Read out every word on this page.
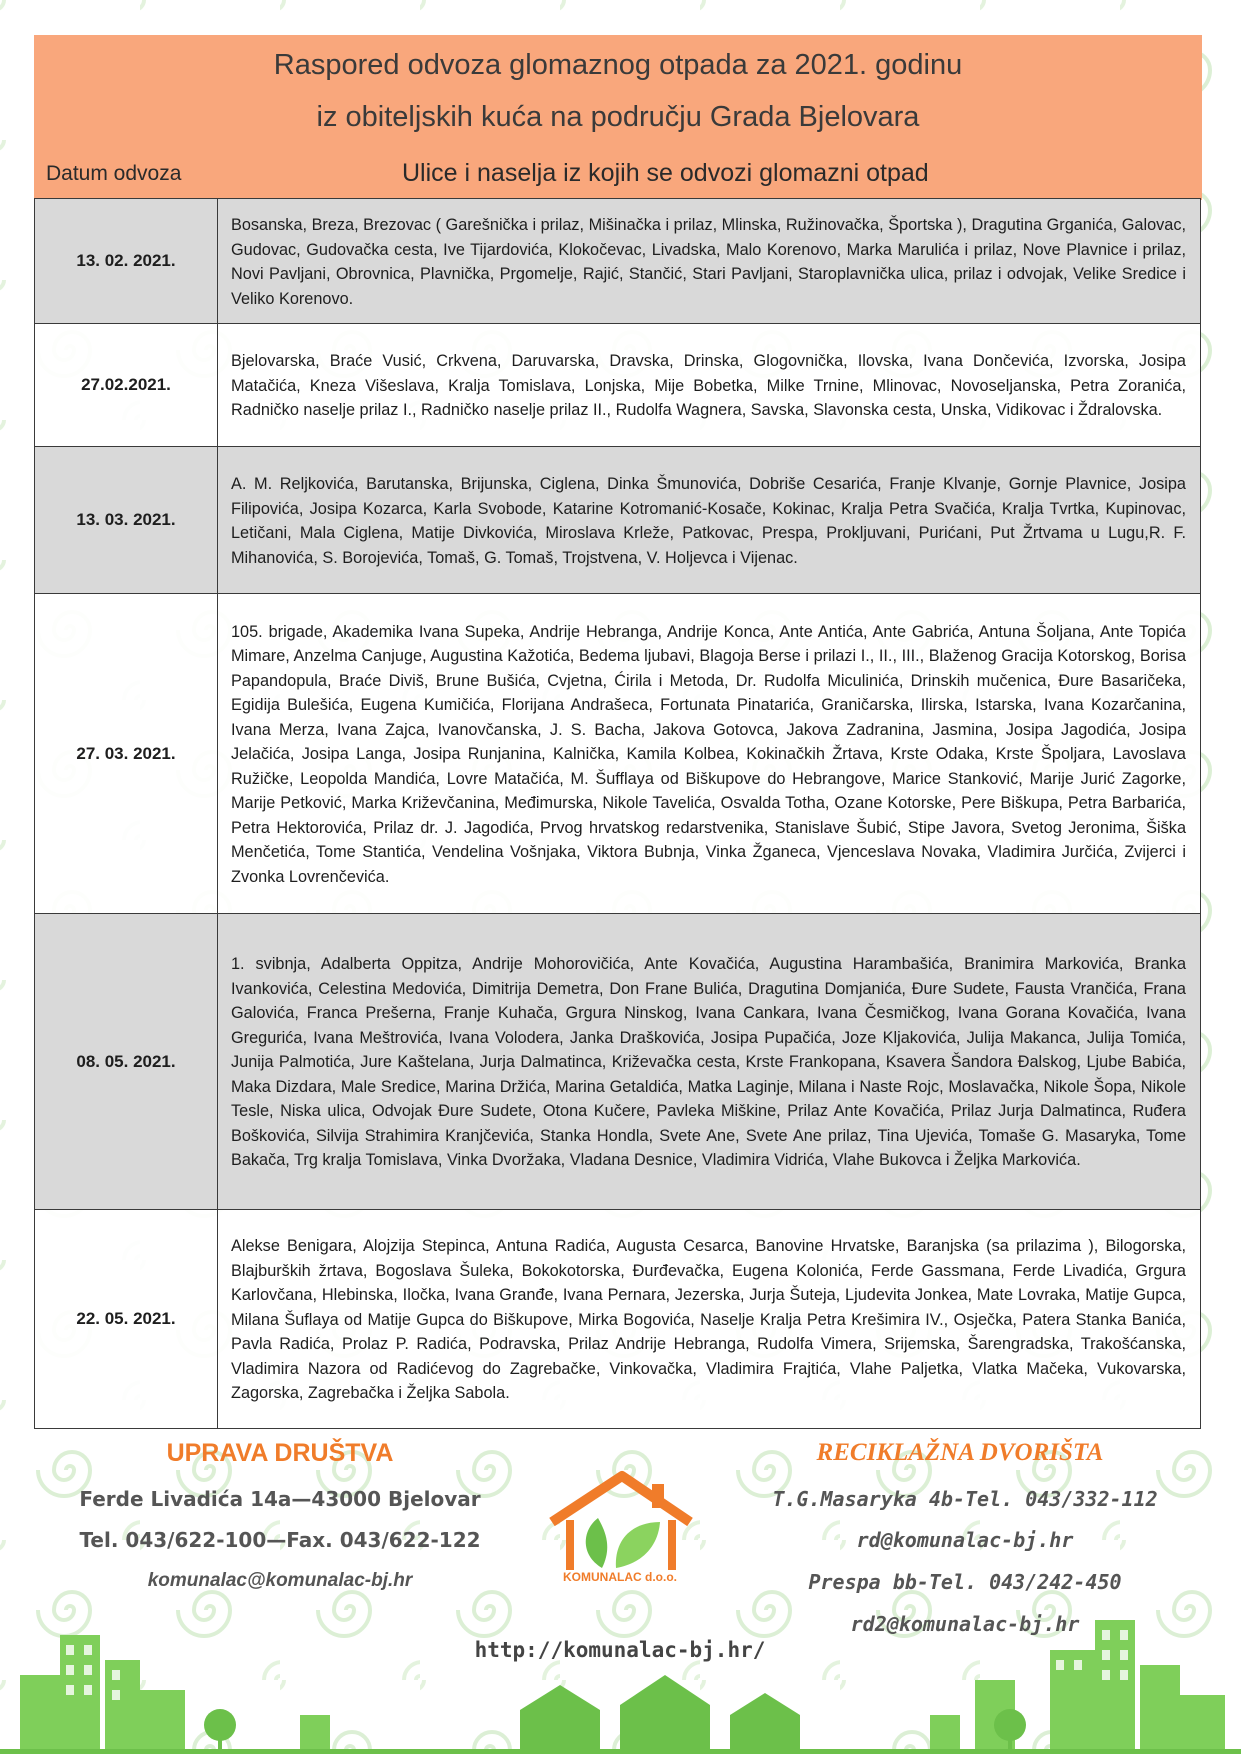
Raspored odvoza glomaznog otpada za 2021. godinu
iz obiteljskih kuća na području Grada Bjelovara
Datum odvoza	Ulice i naselja iz kojih se odvozi glomazni otpad
13. 02. 2021.	Bosanska, Breza, Brezovac ( Garešnička i prilaz, Mišinačka i prilaz, Mlinska, Ružinovačka, Športska ), Dragutina Grganića, Galovac, Gudovac, Gudovačka cesta, Ive Tijardovića, Klokočevac, Livadska, Malo Korenovo, Marka Marulića i prilaz, Nove Plavnice i prilaz, Novi Pavljani, Obrovnica, Plavnička, Prgomelje, Rajić, Stančić, Stari Pavljani, Staroplavnička ulica, prilaz i odvojak, Velike Sredice i Veliko Korenovo.
27.02.2021.	Bjelovarska, Braće Vusić, Crkvena, Daruvarska, Dravska, Drinska, Glogovnička, Ilovska, Ivana Dončevića, Izvorska, Josipa Matačića, Kneza Višeslava, Kralja Tomislava, Lonjska, Mije Bobetka, Milke Trnine, Mlinovac, Novoseljanska, Petra Zoranića, Radničko naselje prilaz I., Radničko naselje prilaz II., Rudolfa Wagnera, Savska, Slavonska cesta, Unska, Vidikovac i Ždralovska.
13. 03. 2021.	A. M. Reljkovića, Barutanska, Brijunska, Ciglena, Dinka Šmunovića, Dobriše Cesarića, Franje Klvanje, Gornje Plavnice, Josipa Filipovića, Josipa Kozarca, Karla Svobode, Katarine Kotromanić-Kosače, Kokinac, Kralja Petra Svačića, Kralja Tvrtka, Kupinovac, Letičani, Mala Ciglena, Matije Divkovića, Miroslava Krleže, Patkovac, Prespa, Prokljuvani, Purićani, Put Žrtvama u Lugu,R. F. Mihanovića, S. Borojevića, Tomaš, G. Tomaš, Trojstvena, V. Holjevca i Vijenac.
27. 03. 2021.	105. brigade, Akademika Ivana Supeka, Andrije Hebranga, Andrije Konca, Ante Antića, Ante Gabrića, Antuna Šoljana, Ante Topića Mimare, Anzelma Canjuge, Augustina Kažotića, Bedema ljubavi, Blagoja Berse i prilazi I., II., III., Blaženog Gracija Kotorskog, Borisa Papandopula, Braće Diviš, Brune Bušića, Cvjetna, Ćirila i Metoda, Dr. Rudolfa Miculinića, Drinskih mučenica, Đure Basaričeka, Egidija Bulešića, Eugena Kumičića, Florijana Andrašeca, Fortunata Pinatarića, Graničarska, Ilirska, Istarska, Ivana Kozarčanina, Ivana Merza, Ivana Zajca, Ivanovčanska, J. S. Bacha, Jakova Gotovca, Jakova Zadranina, Jasmina, Josipa Jagodića, Josipa Jelačića, Josipa Langa, Josipa Runjanina, Kalnička, Kamila Kolbea, Kokinačkih Žrtava, Krste Odaka, Krste Špoljara, Lavoslava Ružičke, Leopolda Mandića, Lovre Matačića, M. Šufflaya od Biškupove do Hebrangove, Marice Stanković, Marije Jurić Zagorke, Marije Petković, Marka Križevčanina, Međimurska, Nikole Tavelića, Osvalda Totha, Ozane Kotorske, Pere Biškupa, Petra Barbarića, Petra Hektorovića, Prilaz dr. J. Jagodića, Prvog hrvatskog redarstvenika, Stanislave Šubić, Stipe Javora, Svetog Jeronima, Šiška Menčetića, Tome Stantića, Vendelina Vošnjaka, Viktora Bubnja, Vinka Žganeca, Vjenceslava Novaka, Vladimira Jurčića, Zvijerci i Zvonka Lovrenčevića.
08. 05. 2021.	1. svibnja, Adalberta Oppitza, Andrije Mohorovičića, Ante Kovačića, Augustina Harambašića, Branimira Markovića, Branka Ivankovića, Celestina Medovića, Dimitrija Demetra, Don Frane Bulića, Dragutina Domjanića, Đure Sudete, Fausta Vrančića, Frana Galovića, Franca Prešerna, Franje Kuhača, Grgura Ninskog, Ivana Cankara, Ivana Česmičkog, Ivana Gorana Kovačića, Ivana Gregurića, Ivana Meštrovića, Ivana Volodera, Janka Draškovića, Josipa Pupačića, Joze Kljakovića, Julija Makanca, Julija Tomića, Junija Palmotića, Jure Kaštelana, Jurja Dalmatinca, Križevačka cesta, Krste Frankopana, Ksavera Šandora Đalskog, Ljube Babića, Maka Dizdara, Male Sredice, Marina Držića, Marina Getaldića, Matka Laginje, Milana i Naste Rojc, Moslavačka, Nikole Šopa, Nikole Tesle, Niska ulica, Odvojak Đure Sudete, Otona Kučere, Pavleka Miškine, Prilaz Ante Kovačića, Prilaz Jurja Dalmatinca, Ruđera Boškovića, Silvija Strahimira Kranjčevića, Stanka Hondla, Svete Ane, Svete Ane prilaz, Tina Ujevića, Tomaše G. Masaryka, Tome Bakača, Trg kralja Tomislava, Vinka Dvoržaka, Vladana Desnice, Vladimira Vidrića, Vlahe Bukovca i Željka Markovića.
22. 05. 2021.	Alekse Benigara, Alojzija Stepinca, Antuna Radića, Augusta Cesarca, Banovine Hrvatske, Baranjska (sa prilazima ), Bilogorska, Blajburških žrtava, Bogoslava Šuleka, Bokokotorska, Đurđevačka, Eugena Kolonića, Ferde Gassmana, Ferde Livadića, Grgura Karlovčana, Hlebinska, Iločka, Ivana Granđe, Ivana Pernara, Jezerska, Jurja Šuteja, Ljudevita Jonkea, Mate Lovraka, Matije Gupca, Milana Šuflaya od Matije Gupca do Biškupove, Mirka Bogovića, Naselje Kralja Petra Krešimira IV., Osječka, Patera Stanka Banića, Pavla Radića, Prolaz P. Radića, Podravska, Prilaz Andrije Hebranga, Rudolfa Vimera, Srijemska, Šarengradska, Trakošćanska, Vladimira Nazora od Radićevog do Zagrebačke, Vinkovačka, Vladimira Frajtića, Vlahe Paljetka, Vlatka Mačeka, Vukovarska, Zagorska, Zagrebačka i Željka Sabola.
UPRAVA DRUŠTVA
Ferde Livadića 14a—43000 Bjelovar
Tel. 043/622-100—Fax. 043/622-122
komunalac@komunalac-bj.hr
RECIKLAŽNA DVORIŠTA
T.G.Masaryka 4b-Tel. 043/332-112
rd@komunalac-bj.hr
Prespa bb-Tel. 043/242-450
rd2@komunalac-bj.hr
KOMUNALAC d.o.o.
http://komunalac-bj.hr/
